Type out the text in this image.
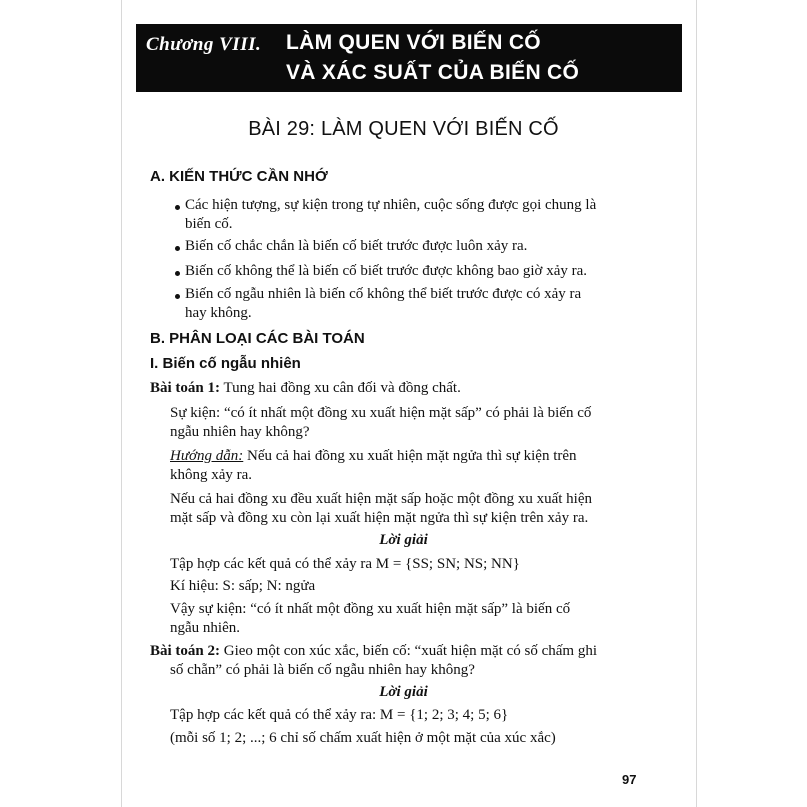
Chương VIII. LÀM QUEN VỚI BIẾN CỐ
VÀ XÁC SUẤT CỦA BIẾN CỐ
BÀI 29: LÀM QUEN VỚI BIẾN CỐ
A. KIẾN THỨC CẦN NHỚ
Các hiện tượng, sự kiện trong tự nhiên, cuộc sống được gọi chung là
biến cố.
Biến cố chắc chắn là biến cố biết trước được luôn xảy ra.
Biến cố không thể là biến cố biết trước được không bao giờ xảy ra.
Biến cố ngẫu nhiên là biến cố không thể biết trước được có xảy ra
hay không.
B. PHÂN LOẠI CÁC BÀI TOÁN
I. Biến cố ngẫu nhiên
Bài toán 1: Tung hai đồng xu cân đối và đồng chất.
Sự kiện: “có ít nhất một đồng xu xuất hiện mặt sấp” có phải là biến cố
ngẫu nhiên hay không?
Hướng dẫn: Nếu cả hai đồng xu xuất hiện mặt ngửa thì sự kiện trên
không xảy ra.
Nếu cả hai đồng xu đều xuất hiện mặt sấp hoặc một đồng xu xuất hiện
mặt sấp và đồng xu còn lại xuất hiện mặt ngửa thì sự kiện trên xảy ra.
Lời giải
Tập hợp các kết quả có thể xảy ra M = {SS; SN; NS; NN}
Kí hiệu: S: sấp; N: ngửa
Vậy sự kiện: “có ít nhất một đồng xu xuất hiện mặt sấp” là biến cố
ngẫu nhiên.
Bài toán 2: Gieo một con xúc xắc, biến cố: “xuất hiện mặt có số chấm ghi
số chẵn” có phải là biến cố ngẫu nhiên hay không?
Lời giải
Tập hợp các kết quả có thể xảy ra: M = {1; 2; 3; 4; 5; 6}
(mỗi số 1; 2; ...; 6 chỉ số chấm xuất hiện ở một mặt của xúc xắc)
97
